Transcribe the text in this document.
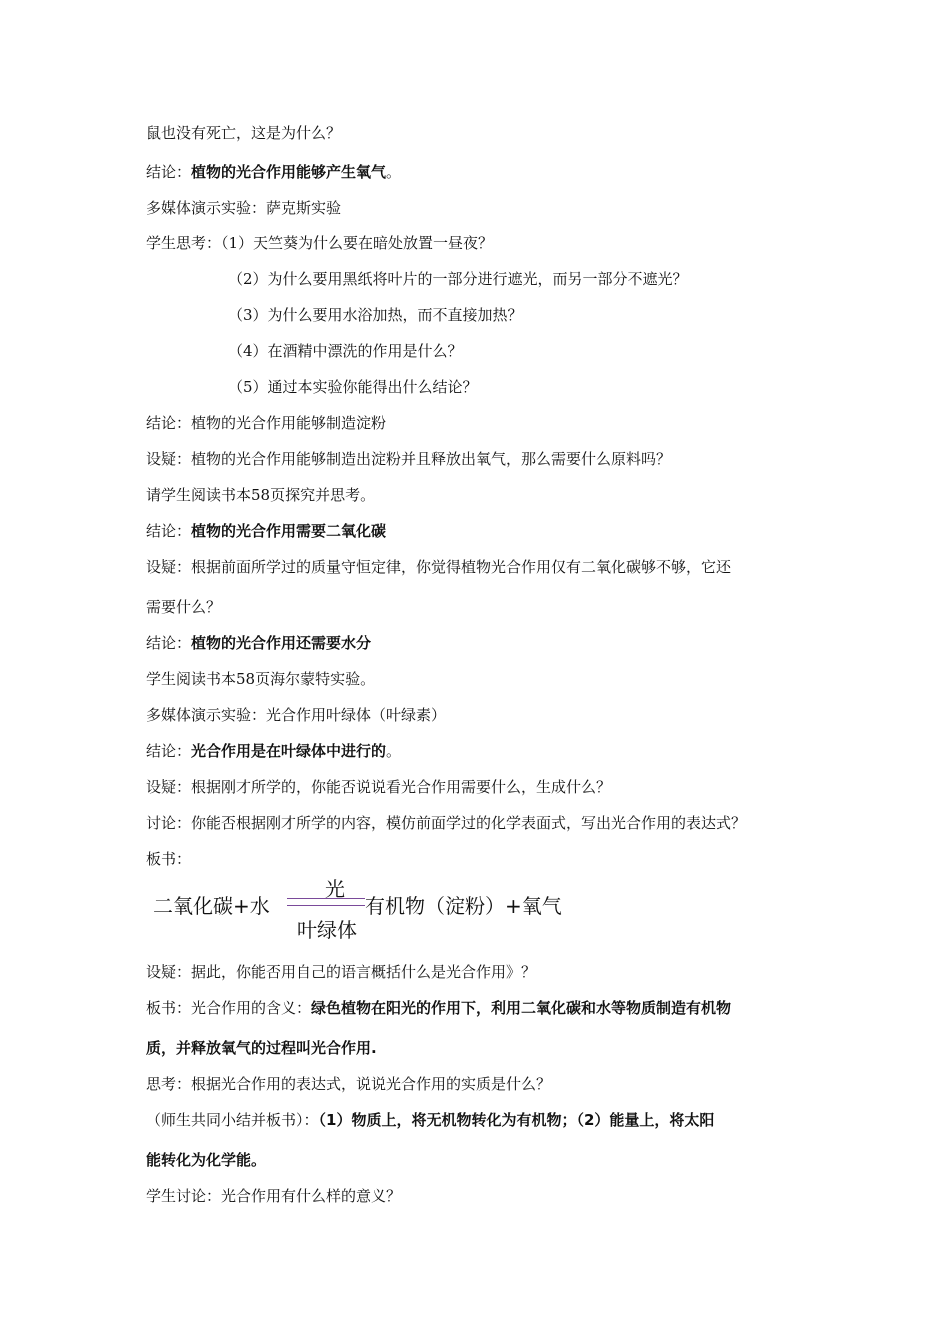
鼠也没有死亡，这是为什么？
结论：植物的光合作用能够产生氧气。
多媒体演示实验：萨克斯实验
学生思考：（1）天竺葵为什么要在暗处放置一昼夜？
（2）为什么要用黑纸将叶片的一部分进行遮光，而另一部分不遮光？
（3）为什么要用水浴加热，而不直接加热？
（4）在酒精中漂洗的作用是什么？
（5）通过本实验你能得出什么结论？
结论：植物的光合作用能够制造淀粉
设疑：植物的光合作用能够制造出淀粉并且释放出氧气，那么需要什么原料吗？
请学生阅读书本58页探究并思考。
结论：植物的光合作用需要二氧化碳
设疑：根据前面所学过的质量守恒定律，你觉得植物光合作用仅有二氧化碳够不够，它还
需要什么？
结论：植物的光合作用还需要水分
学生阅读书本58页海尔蒙特实验。
多媒体演示实验：光合作用叶绿体（叶绿素）
结论：光合作用是在叶绿体中进行的。
设疑：根据刚才所学的，你能否说说看光合作用需要什么，生成什么？
讨论：你能否根据刚才所学的内容，模仿前面学过的化学表面式，写出光合作用的表达式？
板书：
二氧化碳+水
光
有机物（淀粉）+氧气
叶绿体
设疑：据此，你能否用自己的语言概括什么是光合作用》？
板书：光合作用的含义：绿色植物在阳光的作用下，利用二氧化碳和水等物质制造有机物
质，并释放氧气的过程叫光合作用.
思考：根据光合作用的表达式，说说光合作用的实质是什么？
（师生共同小结并板书）：（1）物质上，将无机物转化为有机物；（2）能量上，将太阳
能转化为化学能。
学生讨论：光合作用有什么样的意义？
